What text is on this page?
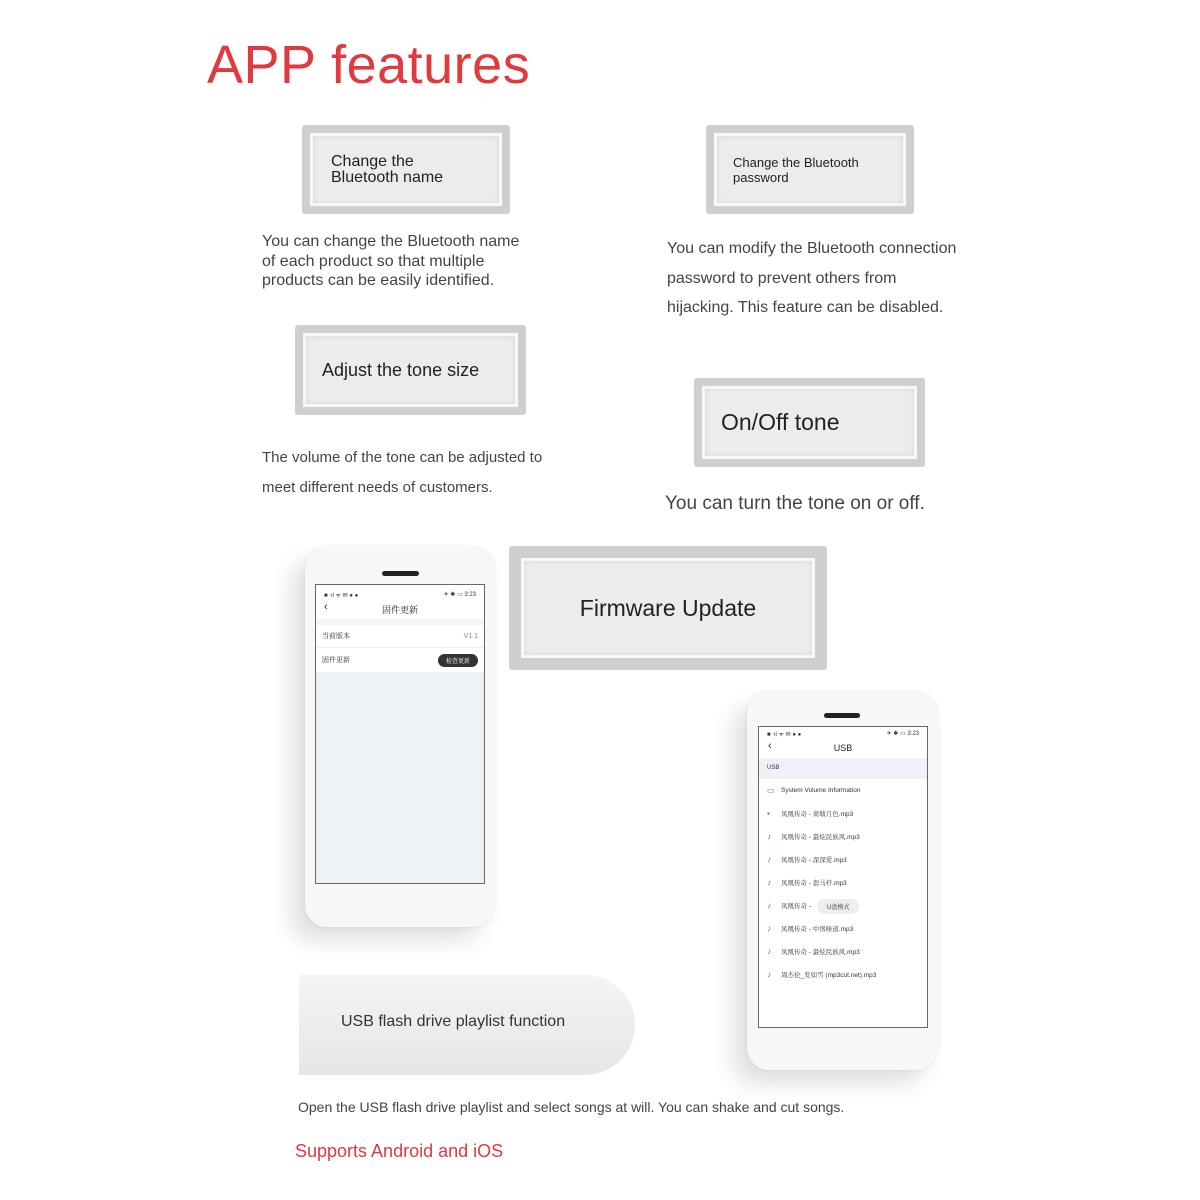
APP features
Change the
Bluetooth name
You can change the Bluetooth name of each product so that multiple products can be easily identified.
Change the Bluetooth
password
You can modify the Bluetooth connection password to prevent others from hijacking. This feature can be disabled.
Adjust the tone size
The volume of the tone can be adjusted to meet different needs of customers.
On/Off tone
You can turn the tone on or off.
Firmware Update
■ ᐧıl ᯤ ✉ ● ●	✈ ✱ ▭ 3:23
‹	固件更新
当前版本	V1.1
固件更新	检查更新
USB flash drive playlist function
■ ᐧıl ᯤ ✉ ● ●	✈ ✱ ▭ 3:23
‹	USB
USB
▭ System Volume Information
▪	凤凰传奇 - 荷塘月色.mp3
♪	凤凰传奇 - 最炫民族风.mp3
♪	凤凰传奇 - 深深爱.mp3
♪	凤凰传奇 - 套马杆.mp3
♪	凤凰传奇 -	U盘模式
♪	凤凰传奇 - 中国味道.mp3
♪	凤凰传奇 - 最炫民族风.mp3
♪	周杰伦_发如雪 (mp3cut.net).mp3
Open the USB flash drive playlist and select songs at will. You can shake and cut songs.
Supports Android and iOS
